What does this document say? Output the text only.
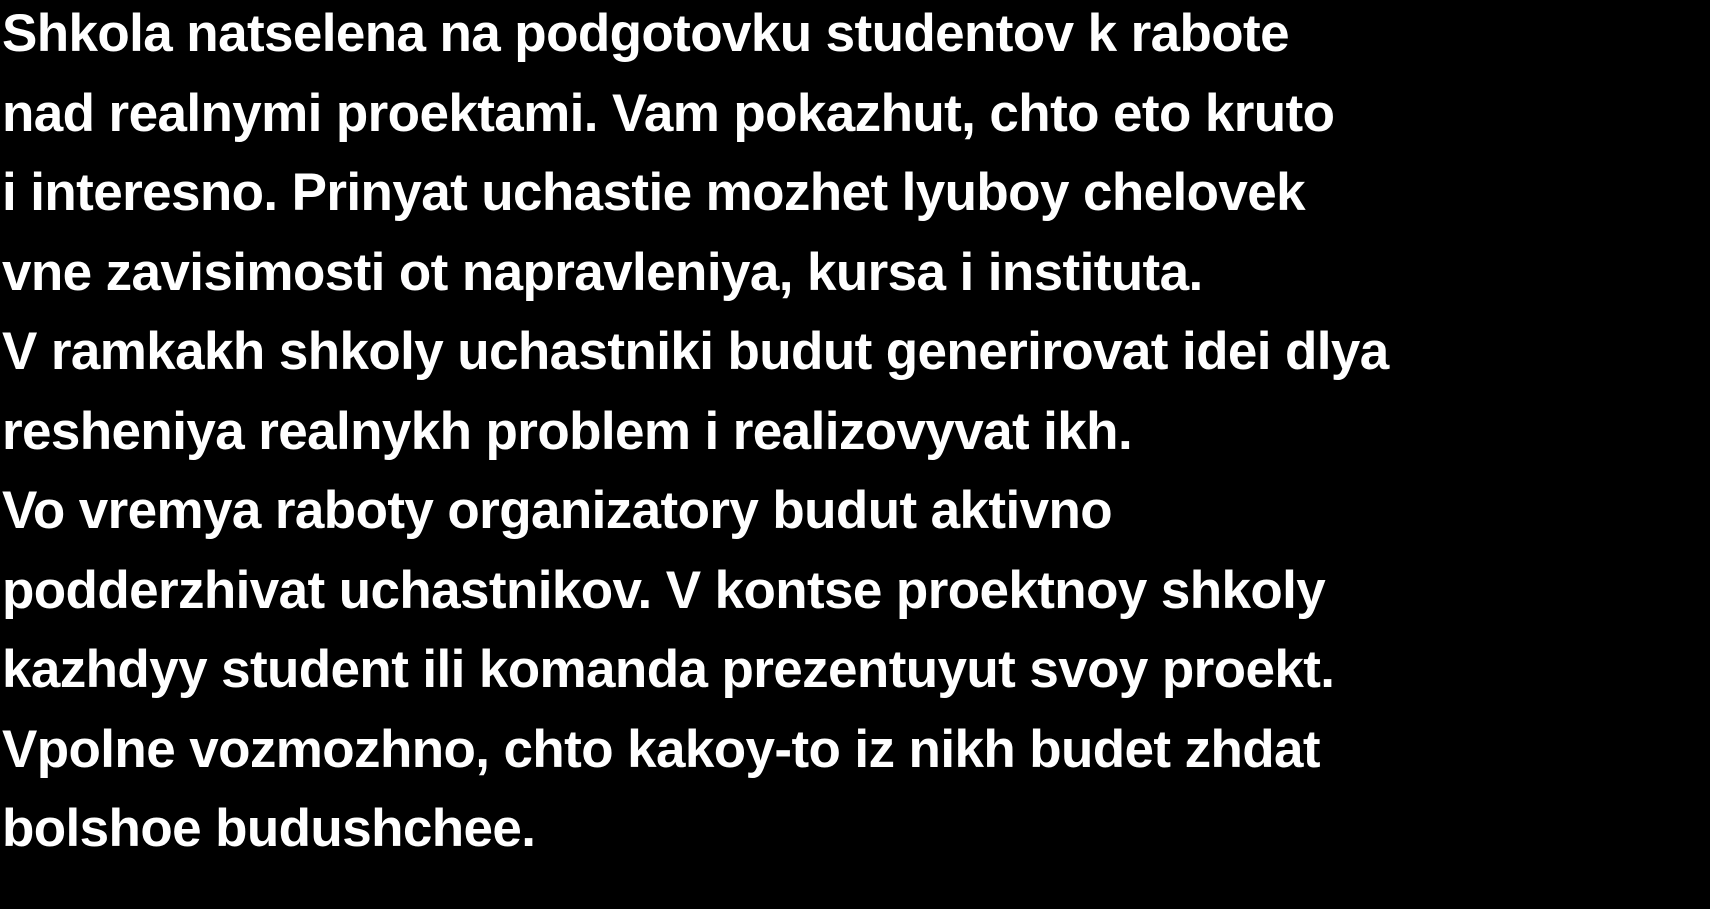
Shkola natselena na podgotovku studentov k rabote
nad realnymi proektami. Vam pokazhut, chto eto kruto
i interesno. Prinyat uchastie mozhet lyuboy chelovek
vne zavisimosti ot napravleniya, kursa i instituta.
V ramkakh shkoly uchastniki budut generirovat idei dlya
resheniya realnykh problem i realizovyvat ikh.
Vo vremya raboty organizatory budut aktivno
podderzhivat uchastnikov. V kontse proektnoy shkoly
kazhdyy student ili komanda prezentuyut svoy proekt.
Vpolne vozmozhno, chto kakoy-to iz nikh budet zhdat
bolshoe budushchee.
